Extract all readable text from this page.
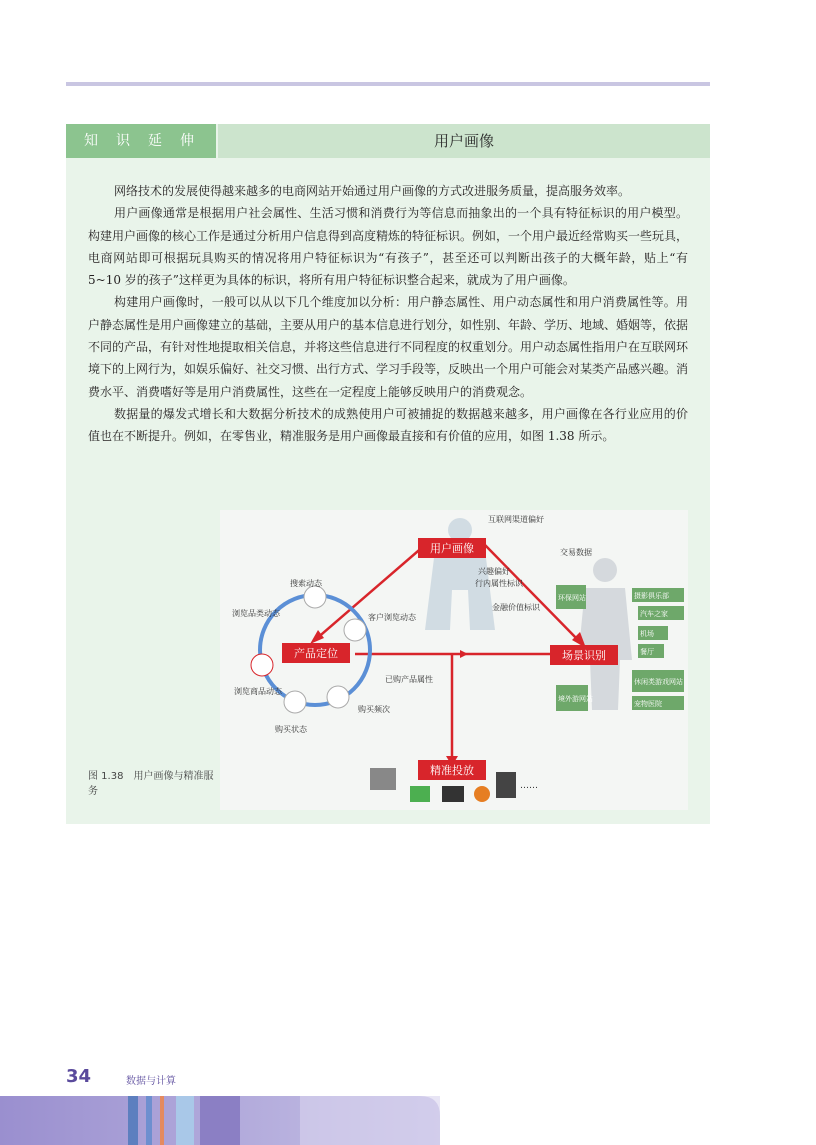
知识延伸	用户画像

网络技术的发展使得越来越多的电商网站开始通过用户画像的方式改进服务质量，提高服务效率。

用户画像通常是根据用户社会属性、生活习惯和消费行为等信息而抽象出的一个具有特征标识的用户模型。构建用户画像的核心工作是通过分析用户信息得到高度精炼的特征标识。例如，一个用户最近经常购买一些玩具，电商网站即可根据玩具购买的情况将用户特征标识为“有孩子”，甚至还可以判断出孩子的大概年龄，贴上“有 5~10 岁的孩子”这样更为具体的标识，将所有用户特征标识整合起来，就成为了用户画像。

构建用户画像时，一般可以从以下几个维度加以分析：用户静态属性、用户动态属性和用户消费属性等。用户静态属性是用户画像建立的基础，主要从用户的基本信息进行划分，如性别、年龄、学历、地域、婚姻等，依据不同的产品，有针对性地提取相关信息，并将这些信息进行不同程度的权重划分。用户动态属性指用户在互联网环境下的上网行为，如娱乐偏好、社交习惯、出行方式、学习手段等，反映出一个用户可能会对某类产品感兴趣。消费水平、消费嗜好等是用户消费属性，这些在一定程度上能够反映用户的消费观念。

数据量的爆发式增长和大数据分析技术的成熟使用户可被捕捉的数据越来越多，用户画像在各行业应用的价值也在不断提升。例如，在零售业，精准服务是用户画像最直接和有价值的应用，如图 1.38 所示。

图 1.38　用户画像与精准服务
用户画像
产品定位	场景识别
精准投放
搜索动态
客户浏览动态
已购产品属性
购买频次
购买状态
浏览商品动态
浏览品类动态
互联网渠道偏好
交易数据
兴趣偏好
行内属性标识
金融价值标识
环保网站
境外游网站
摄影俱乐部
汽车之家
机场
餐厅
休闲类游戏网站
宠物医院
……
34	数据与计算
